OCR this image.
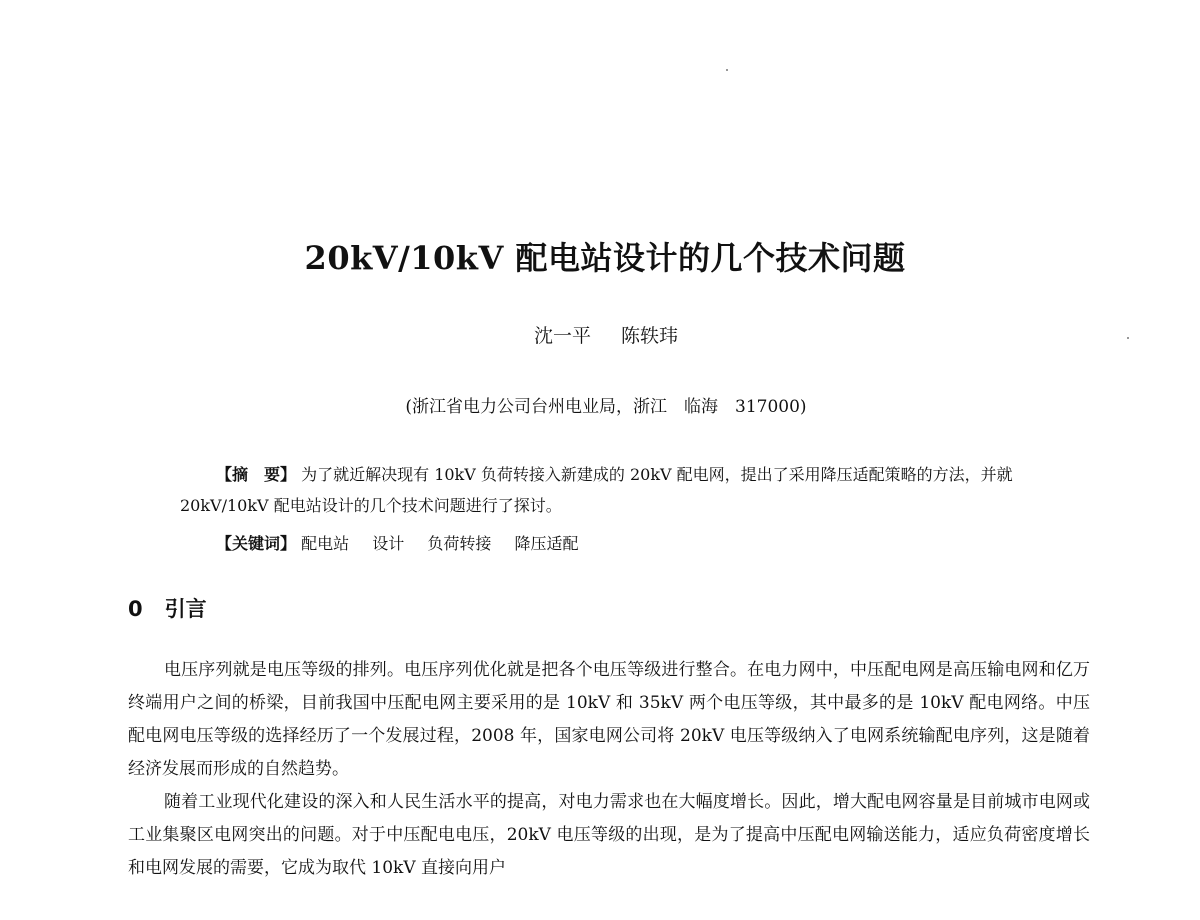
20kV/10kV 配电站设计的几个技术问题
沈一平 陈轶玮
(浙江省电力公司台州电业局，浙江　临海　317000)
【摘　要】 为了就近解决现有 10kV 负荷转接入新建成的 20kV 配电网，提出了采用降压适配策略的方法，并就 20kV/10kV 配电站设计的几个技术问题进行了探讨。
【关键词】 配电站 设计 负荷转接 降压适配
0 引言

电压序列就是电压等级的排列。电压序列优化就是把各个电压等级进行整合。在电力网中，中压配电网是高压输电网和亿万终端用户之间的桥梁，目前我国中压配电网主要采用的是 10kV 和 35kV 两个电压等级，其中最多的是 10kV 配电网络。中压配电网电压等级的选择经历了一个发展过程，2008 年，国家电网公司将 20kV 电压等级纳入了电网系统输配电序列，这是随着经济发展而形成的自然趋势。

随着工业现代化建设的深入和人民生活水平的提高，对电力需求也在大幅度增长。因此，增大配电网容量是目前城市电网或工业集聚区电网突出的问题。对于中压配电电压，20kV 电压等级的出现，是为了提高中压配电网输送能力，适应负荷密度增长和电网发展的需要，它成为取代 10kV 直接向用户
